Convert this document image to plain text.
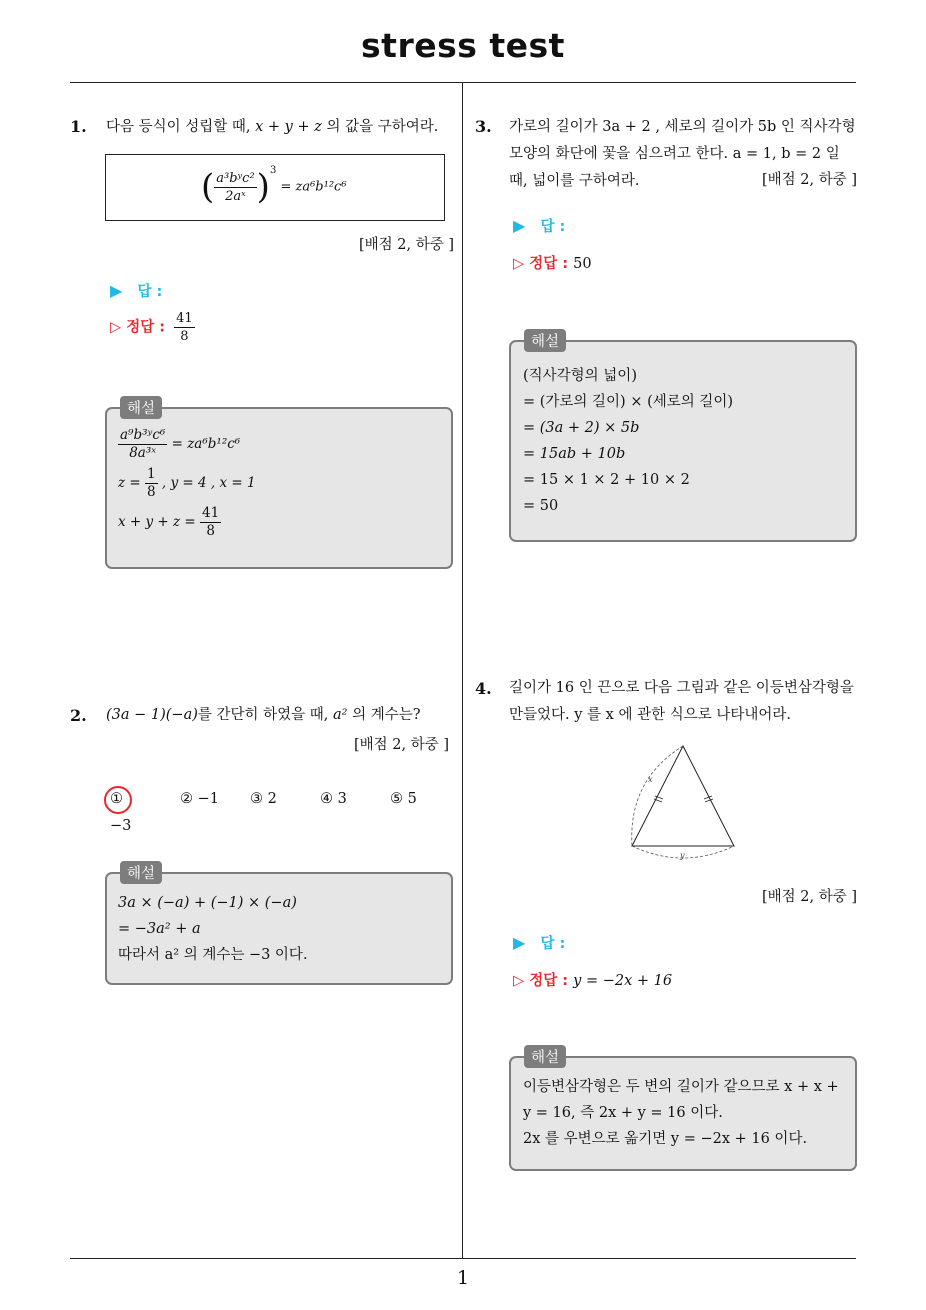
stress test
1. 다음 등식이 성립할 때, x + y + z 의 값을 구하여라.
( $\frac{\text{a³bʸc²}}{\text{2aˣ}} )^3 = za^6b^{12}c^6$
[배점 2, 하중 ]
▶ 답 :
▷ 정답 : $\frac{41}{8}$
해설
$\frac{\text{a⁹b³ʸc⁶}}{\text{8a³ˣ}} = za^6b^{12}c^6$
$z = \frac{1}{8}$ , y = 4 , x = 1
$x + y + z = \frac{41}{8}$
2. (3a − 1)(−a)를 간단히 하였을 때, a² 의 계수는?
[배점 2, 하중 ]
① −3
② −1	③ 2	④ 3	⑤ 5
해설
3a × (−a) + (−1) × (−a)
= −3a² + a
따라서 a² 의 계수는 −3 이다.
3. 가로의 길이가 3a + 2 , 세로의 길이가 5b 인 직사각형
모양의 화단에 꽃을 심으려고 한다. a = 1, b = 2 일
때, 넓이를 구하여라.	[배점 2, 하중 ]
▶ 답 :
▷ 정답 : 50
해설
(직사각형의 넓이)
= (가로의 길이) × (세로의 길이)
= (3a + 2) × 5b
= 15ab + 10b
= 15 × 1 × 2 + 10 × 2
= 50
4. 길이가 16 인 끈으로 다음 그림과 같은 이등변삼각형을
만들었다. y 를 x 에 관한 식으로 나타내어라.
x
y
[배점 2, 하중 ]
▶ 답 :
▷ 정답 : y = −2x + 16
해설
이등변삼각형은 두 변의 길이가 같으므로 x + x +
y = 16, 즉 2x + y = 16 이다.
2x 를 우변으로 옮기면 y = −2x + 16 이다.
1
